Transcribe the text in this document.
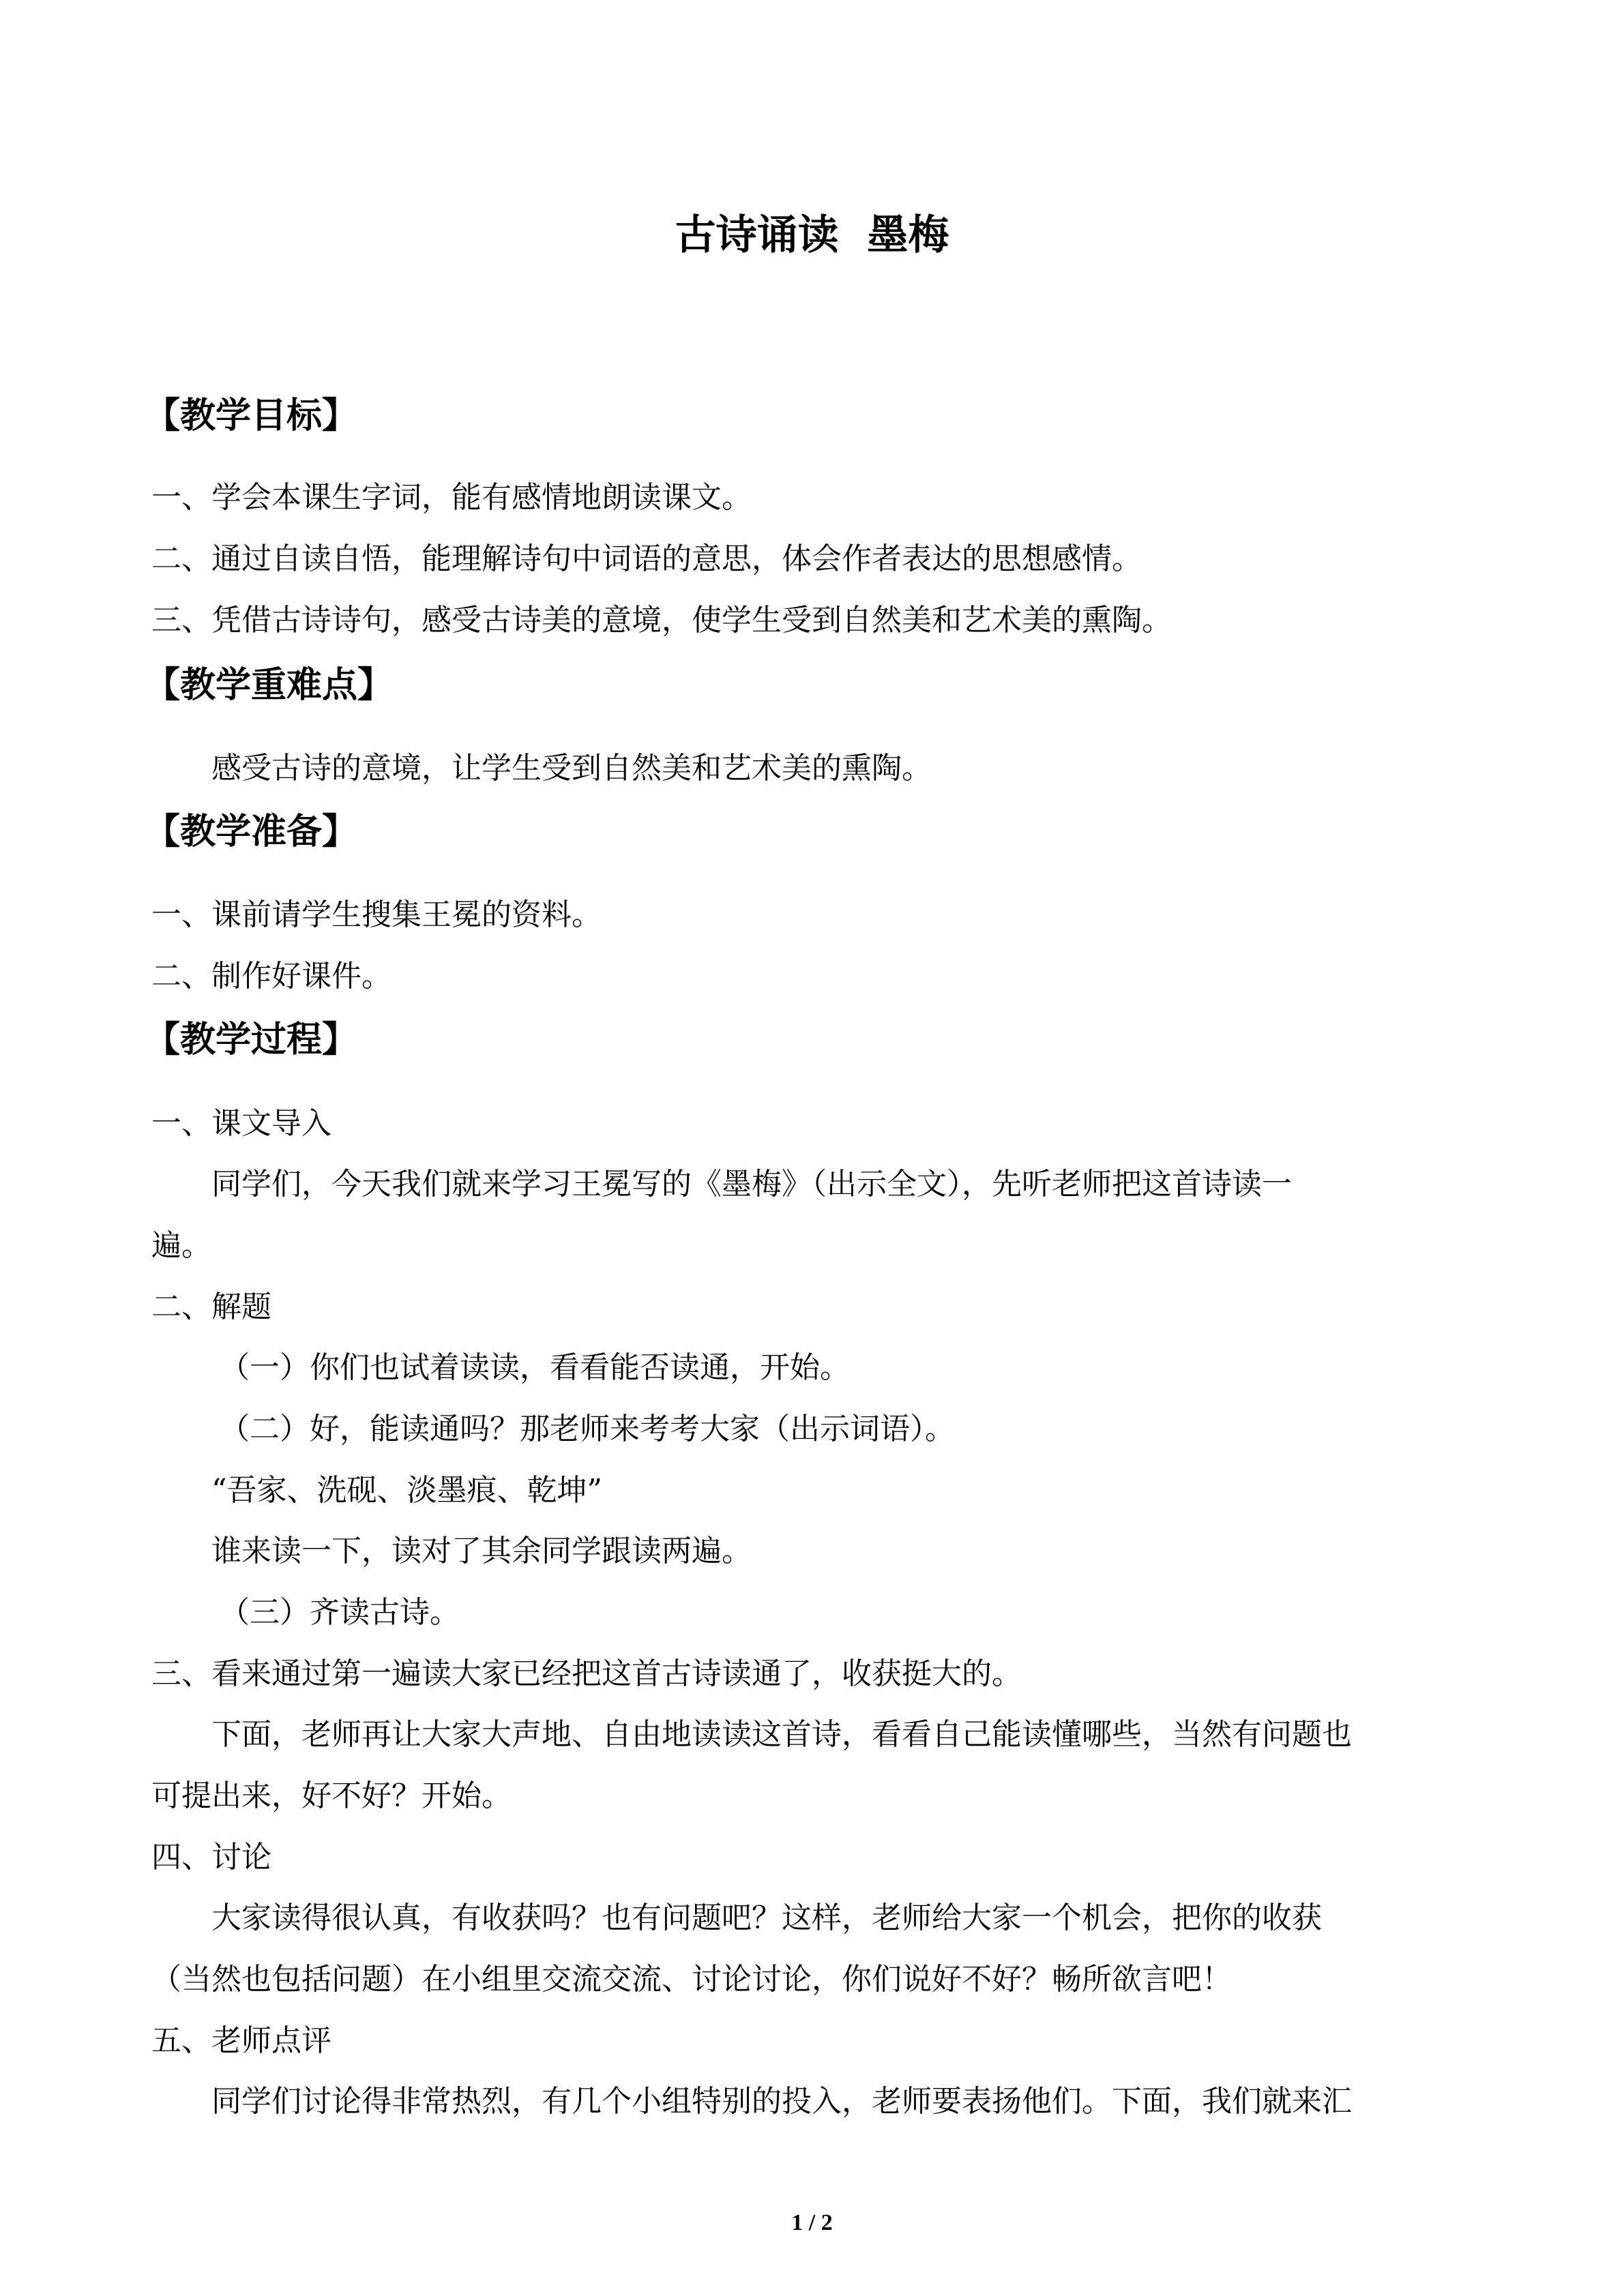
古诗诵读  墨梅
【教学目标】
一、学会本课生字词，能有感情地朗读课文。
二、通过自读自悟，能理解诗句中词语的意思，体会作者表达的思想感情。
三、凭借古诗诗句，感受古诗美的意境，使学生受到自然美和艺术美的熏陶。
【教学重难点】
感受古诗的意境，让学生受到自然美和艺术美的熏陶。
【教学准备】
一、课前请学生搜集王冕的资料。
二、制作好课件。
【教学过程】
一、课文导入
同学们，今天我们就来学习王冕写的《墨梅》（出示全文），先听老师把这首诗读一
遍。
二、解题
（一）你们也试着读读，看看能否读通，开始。
（二）好，能读通吗？那老师来考考大家（出示词语）。
“吾家、洗砚、淡墨痕、乾坤”
谁来读一下，读对了其余同学跟读两遍。
（三）齐读古诗。
三、看来通过第一遍读大家已经把这首古诗读通了，收获挺大的。
下面，老师再让大家大声地、自由地读读这首诗，看看自己能读懂哪些，当然有问题也
可提出来，好不好？开始。
四、讨论
大家读得很认真，有收获吗？也有问题吧？这样，老师给大家一个机会，把你的收获
（当然也包括问题）在小组里交流交流、讨论讨论，你们说好不好？畅所欲言吧！
五、老师点评
同学们讨论得非常热烈，有几个小组特别的投入，老师要表扬他们。下面，我们就来汇
1 / 2
